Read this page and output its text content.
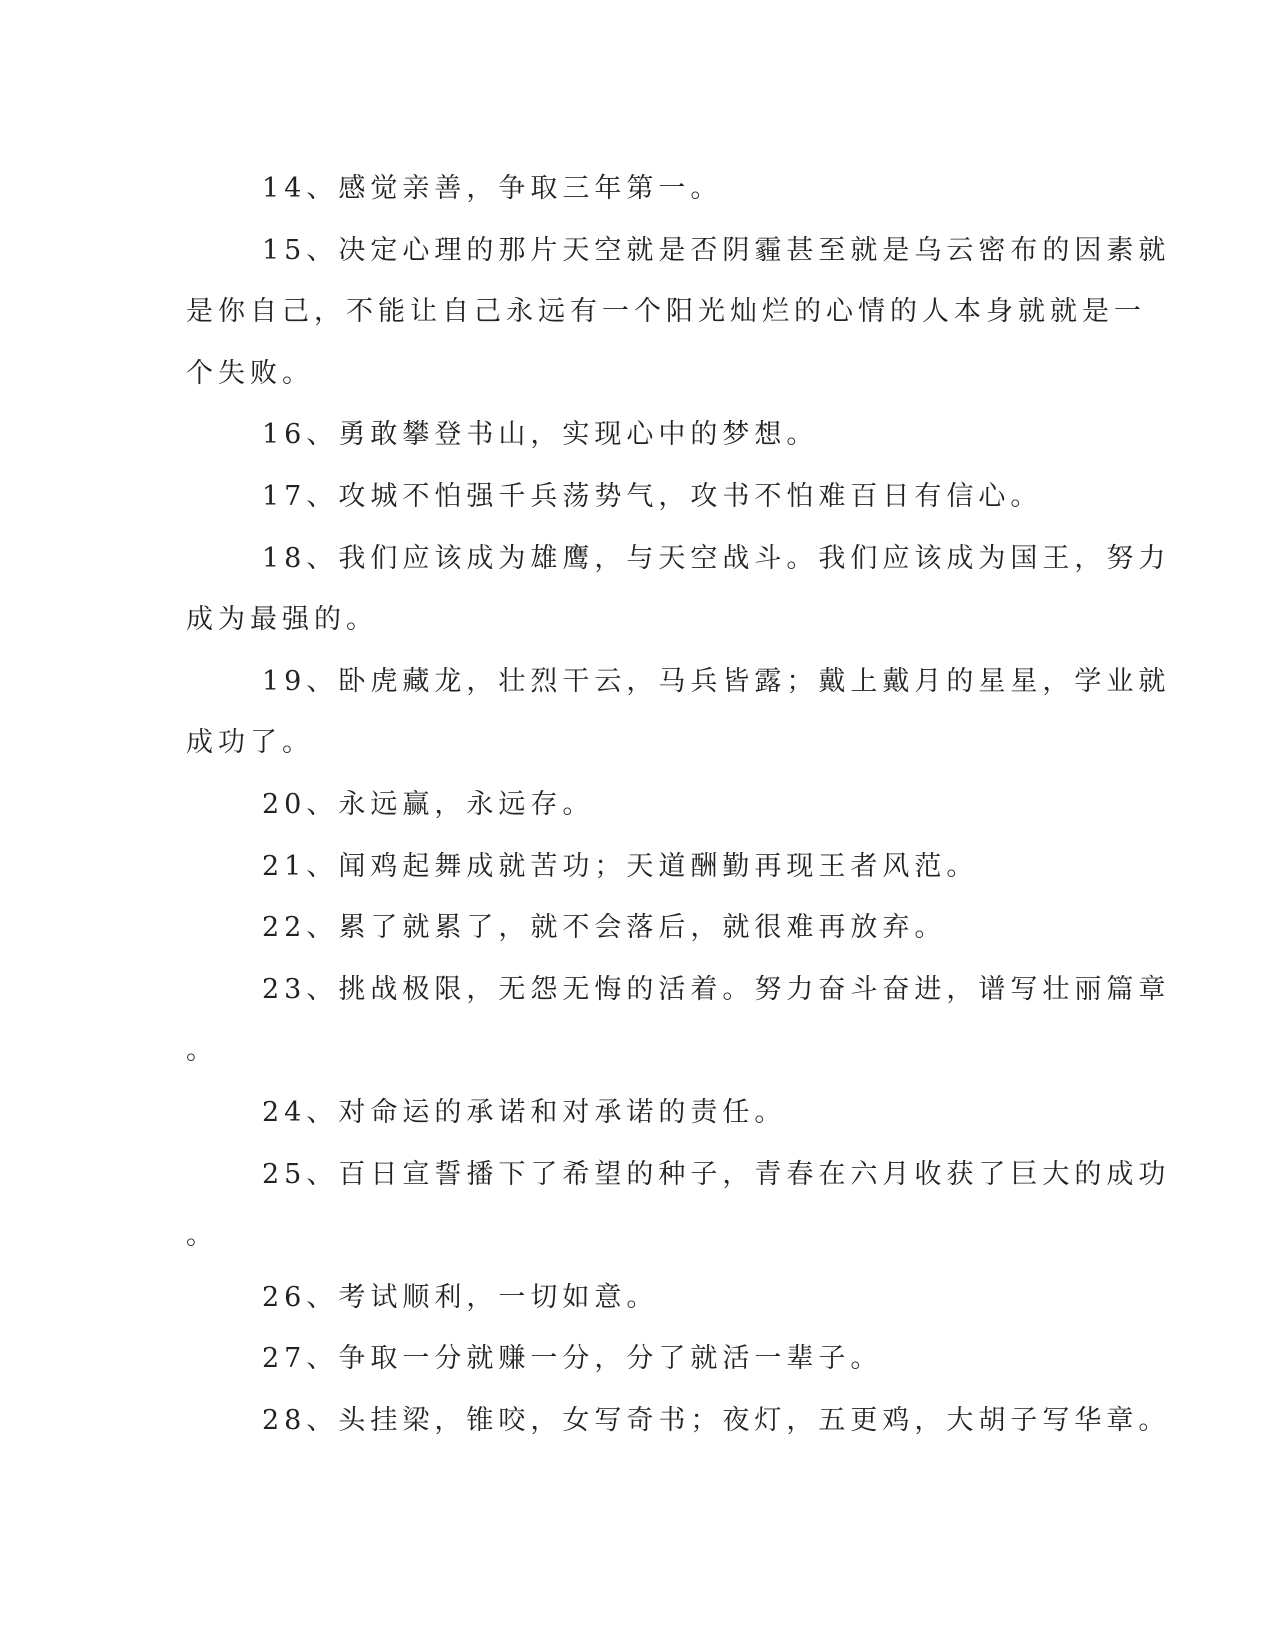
14、感觉亲善，争取三年第一。

15、决定心理的那片天空就是否阴霾甚至就是乌云密布的因素就
是你自己，不能让自己永远有一个阳光灿烂的心情的人本身就就是一
个失败。

16、勇敢攀登书山，实现心中的梦想。

17、攻城不怕强千兵荡势气，攻书不怕难百日有信心。

18、我们应该成为雄鹰，与天空战斗。我们应该成为国王，努力
成为最强的。

19、卧虎藏龙，壮烈干云，马兵皆露；戴上戴月的星星，学业就
成功了。

20、永远赢，永远存。

21、闻鸡起舞成就苦功；天道酬勤再现王者风范。

22、累了就累了，就不会落后，就很难再放弃。

23、挑战极限，无怨无悔的活着。努力奋斗奋进，谱写壮丽篇章
。

24、对命运的承诺和对承诺的责任。

25、百日宣誓播下了希望的种子，青春在六月收获了巨大的成功
。

26、考试顺利，一切如意。

27、争取一分就赚一分，分了就活一辈子。

28、头挂梁，锥咬，女写奇书；夜灯，五更鸡，大胡子写华章。
